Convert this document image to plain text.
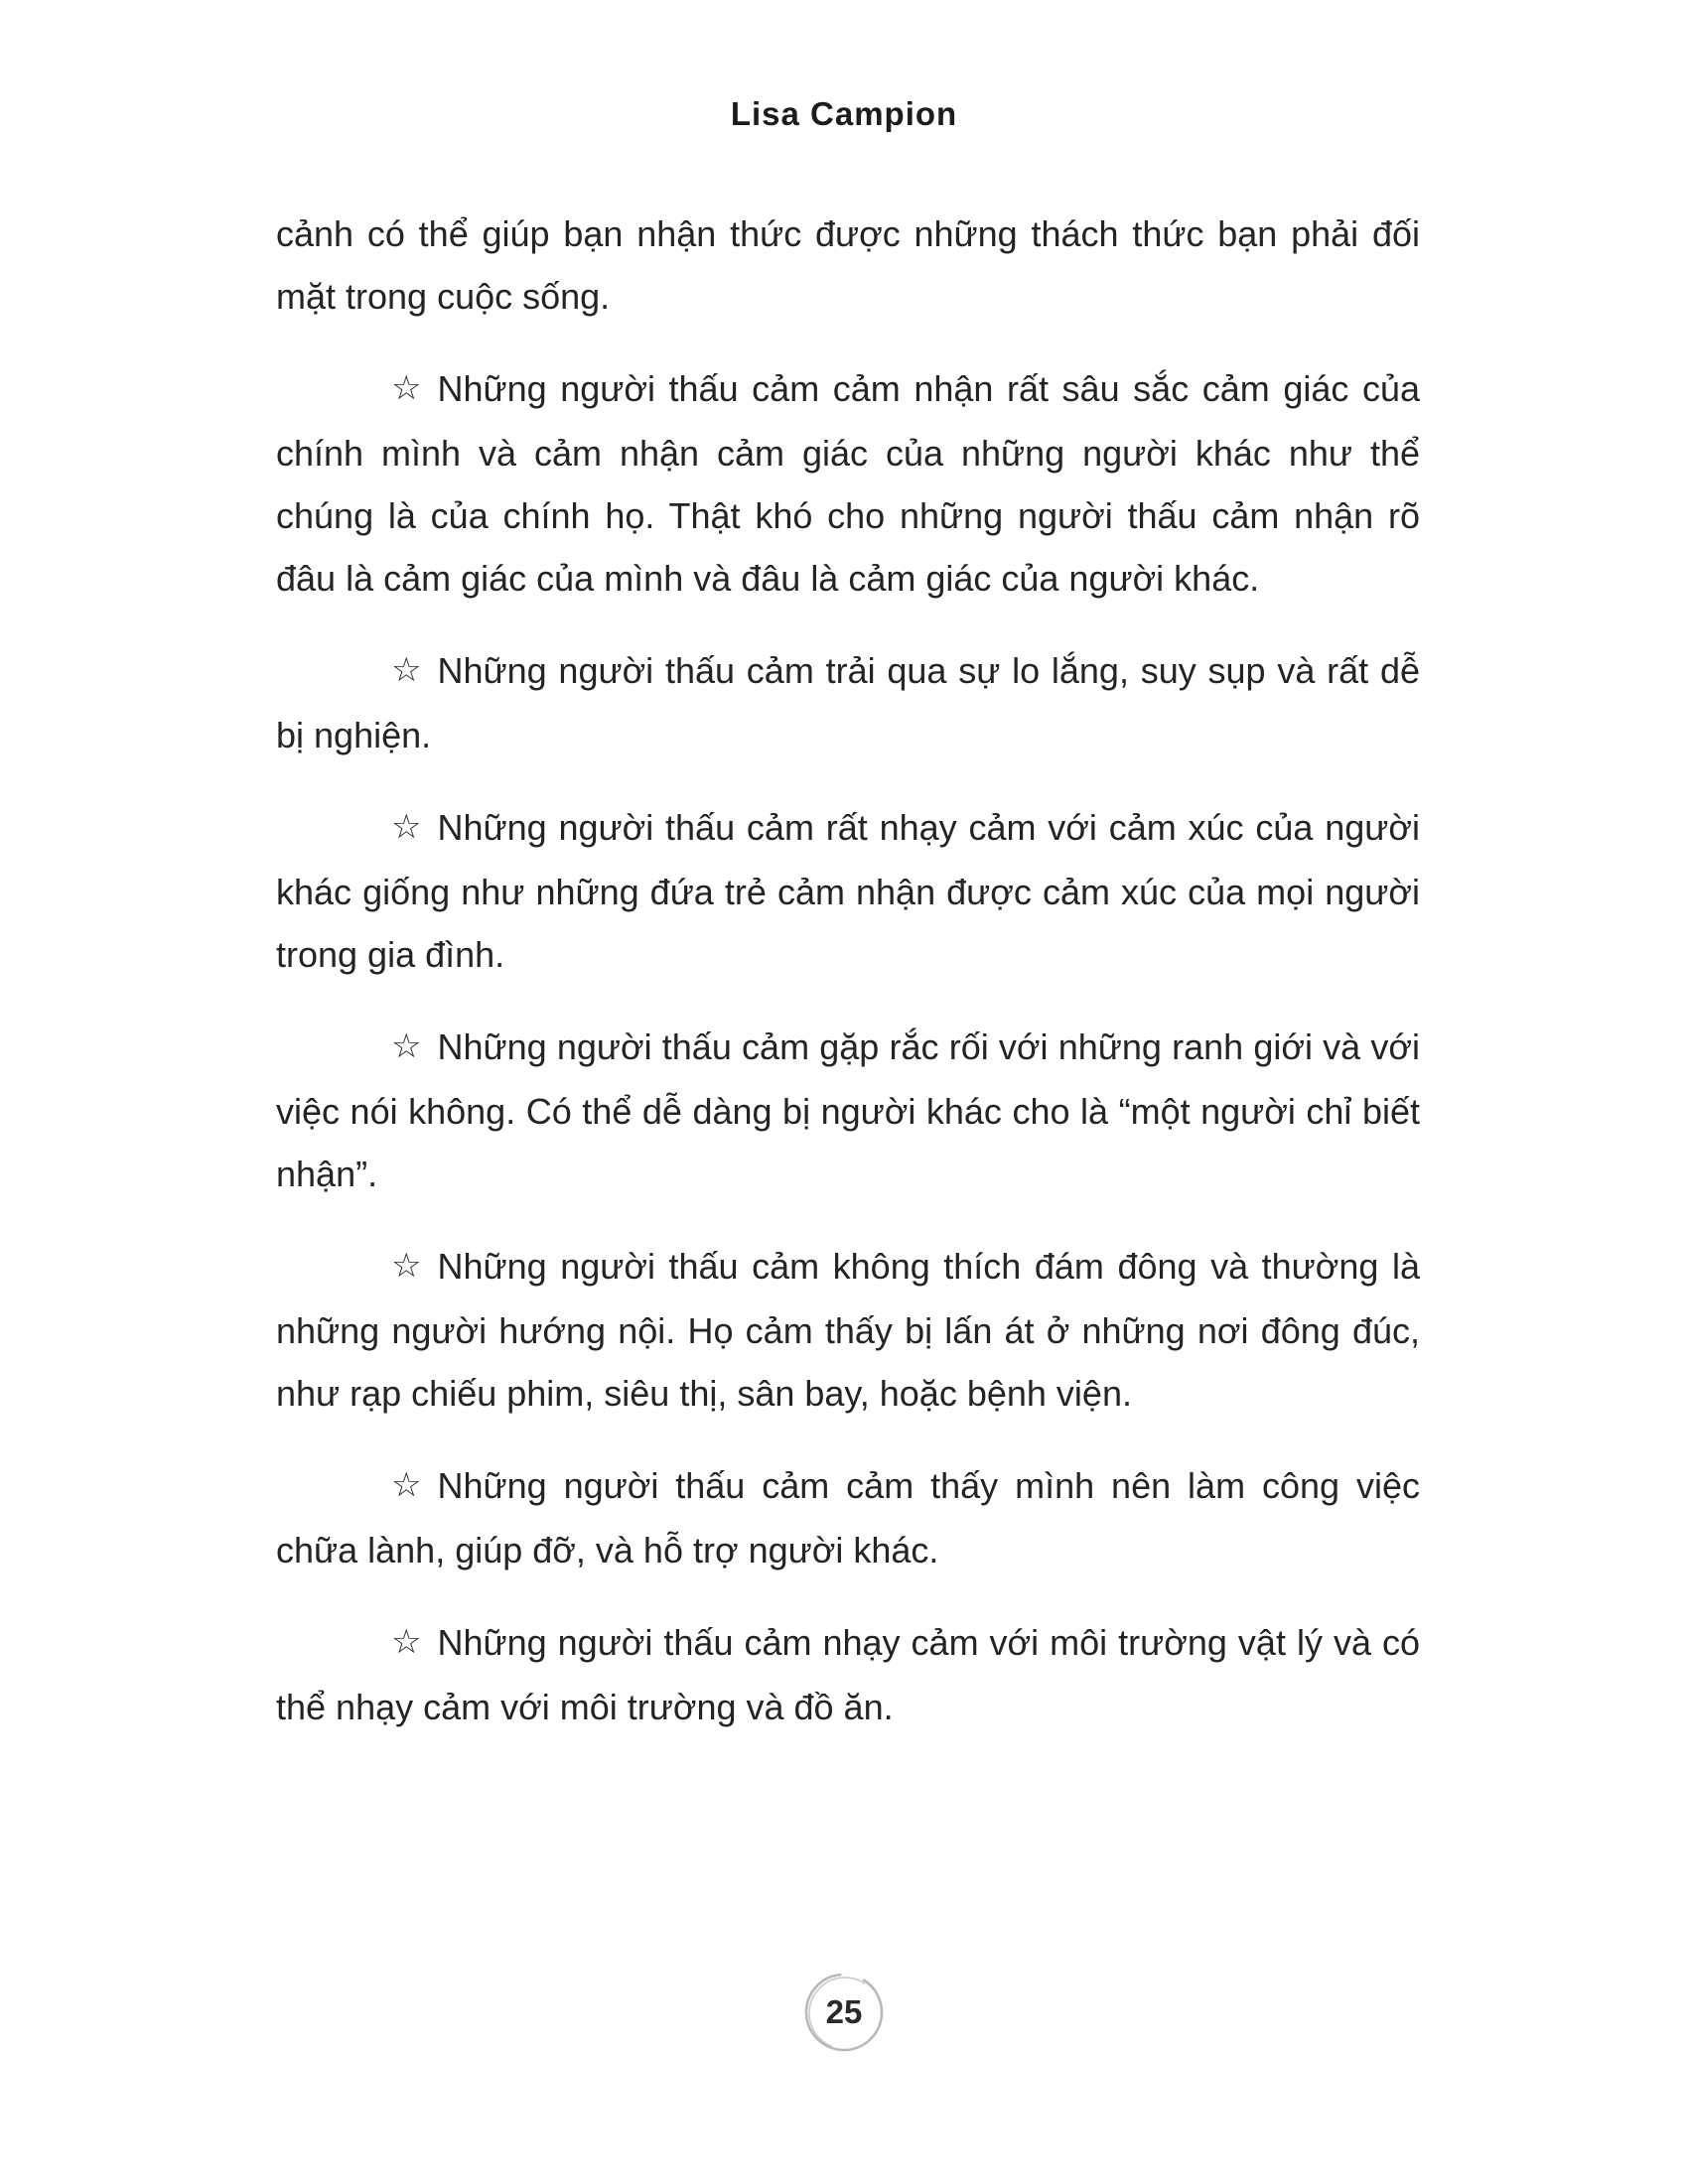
Lisa Campion

cảnh có thể giúp bạn nhận thức được những thách thức bạn phải đối mặt trong cuộc sống.

☆ Những người thấu cảm cảm nhận rất sâu sắc cảm giác của chính mình và cảm nhận cảm giác của những người khác như thể chúng là của chính họ. Thật khó cho những người thấu cảm nhận rõ đâu là cảm giác của mình và đâu là cảm giác của người khác.

☆ Những người thấu cảm trải qua sự lo lắng, suy sụp và rất dễ bị nghiện.

☆ Những người thấu cảm rất nhạy cảm với cảm xúc của người khác giống như những đứa trẻ cảm nhận được cảm xúc của mọi người trong gia đình.

☆ Những người thấu cảm gặp rắc rối với những ranh giới và với việc nói không. Có thể dễ dàng bị người khác cho là “một người chỉ biết nhận”.

☆ Những người thấu cảm không thích đám đông và thường là những người hướng nội. Họ cảm thấy bị lấn át ở những nơi đông đúc, như rạp chiếu phim, siêu thị, sân bay, hoặc bệnh viện.

☆ Những người thấu cảm cảm thấy mình nên làm công việc chữa lành, giúp đỡ, và hỗ trợ người khác.

☆ Những người thấu cảm nhạy cảm với môi trường vật lý và có thể nhạy cảm với môi trường và đồ ăn.

25
